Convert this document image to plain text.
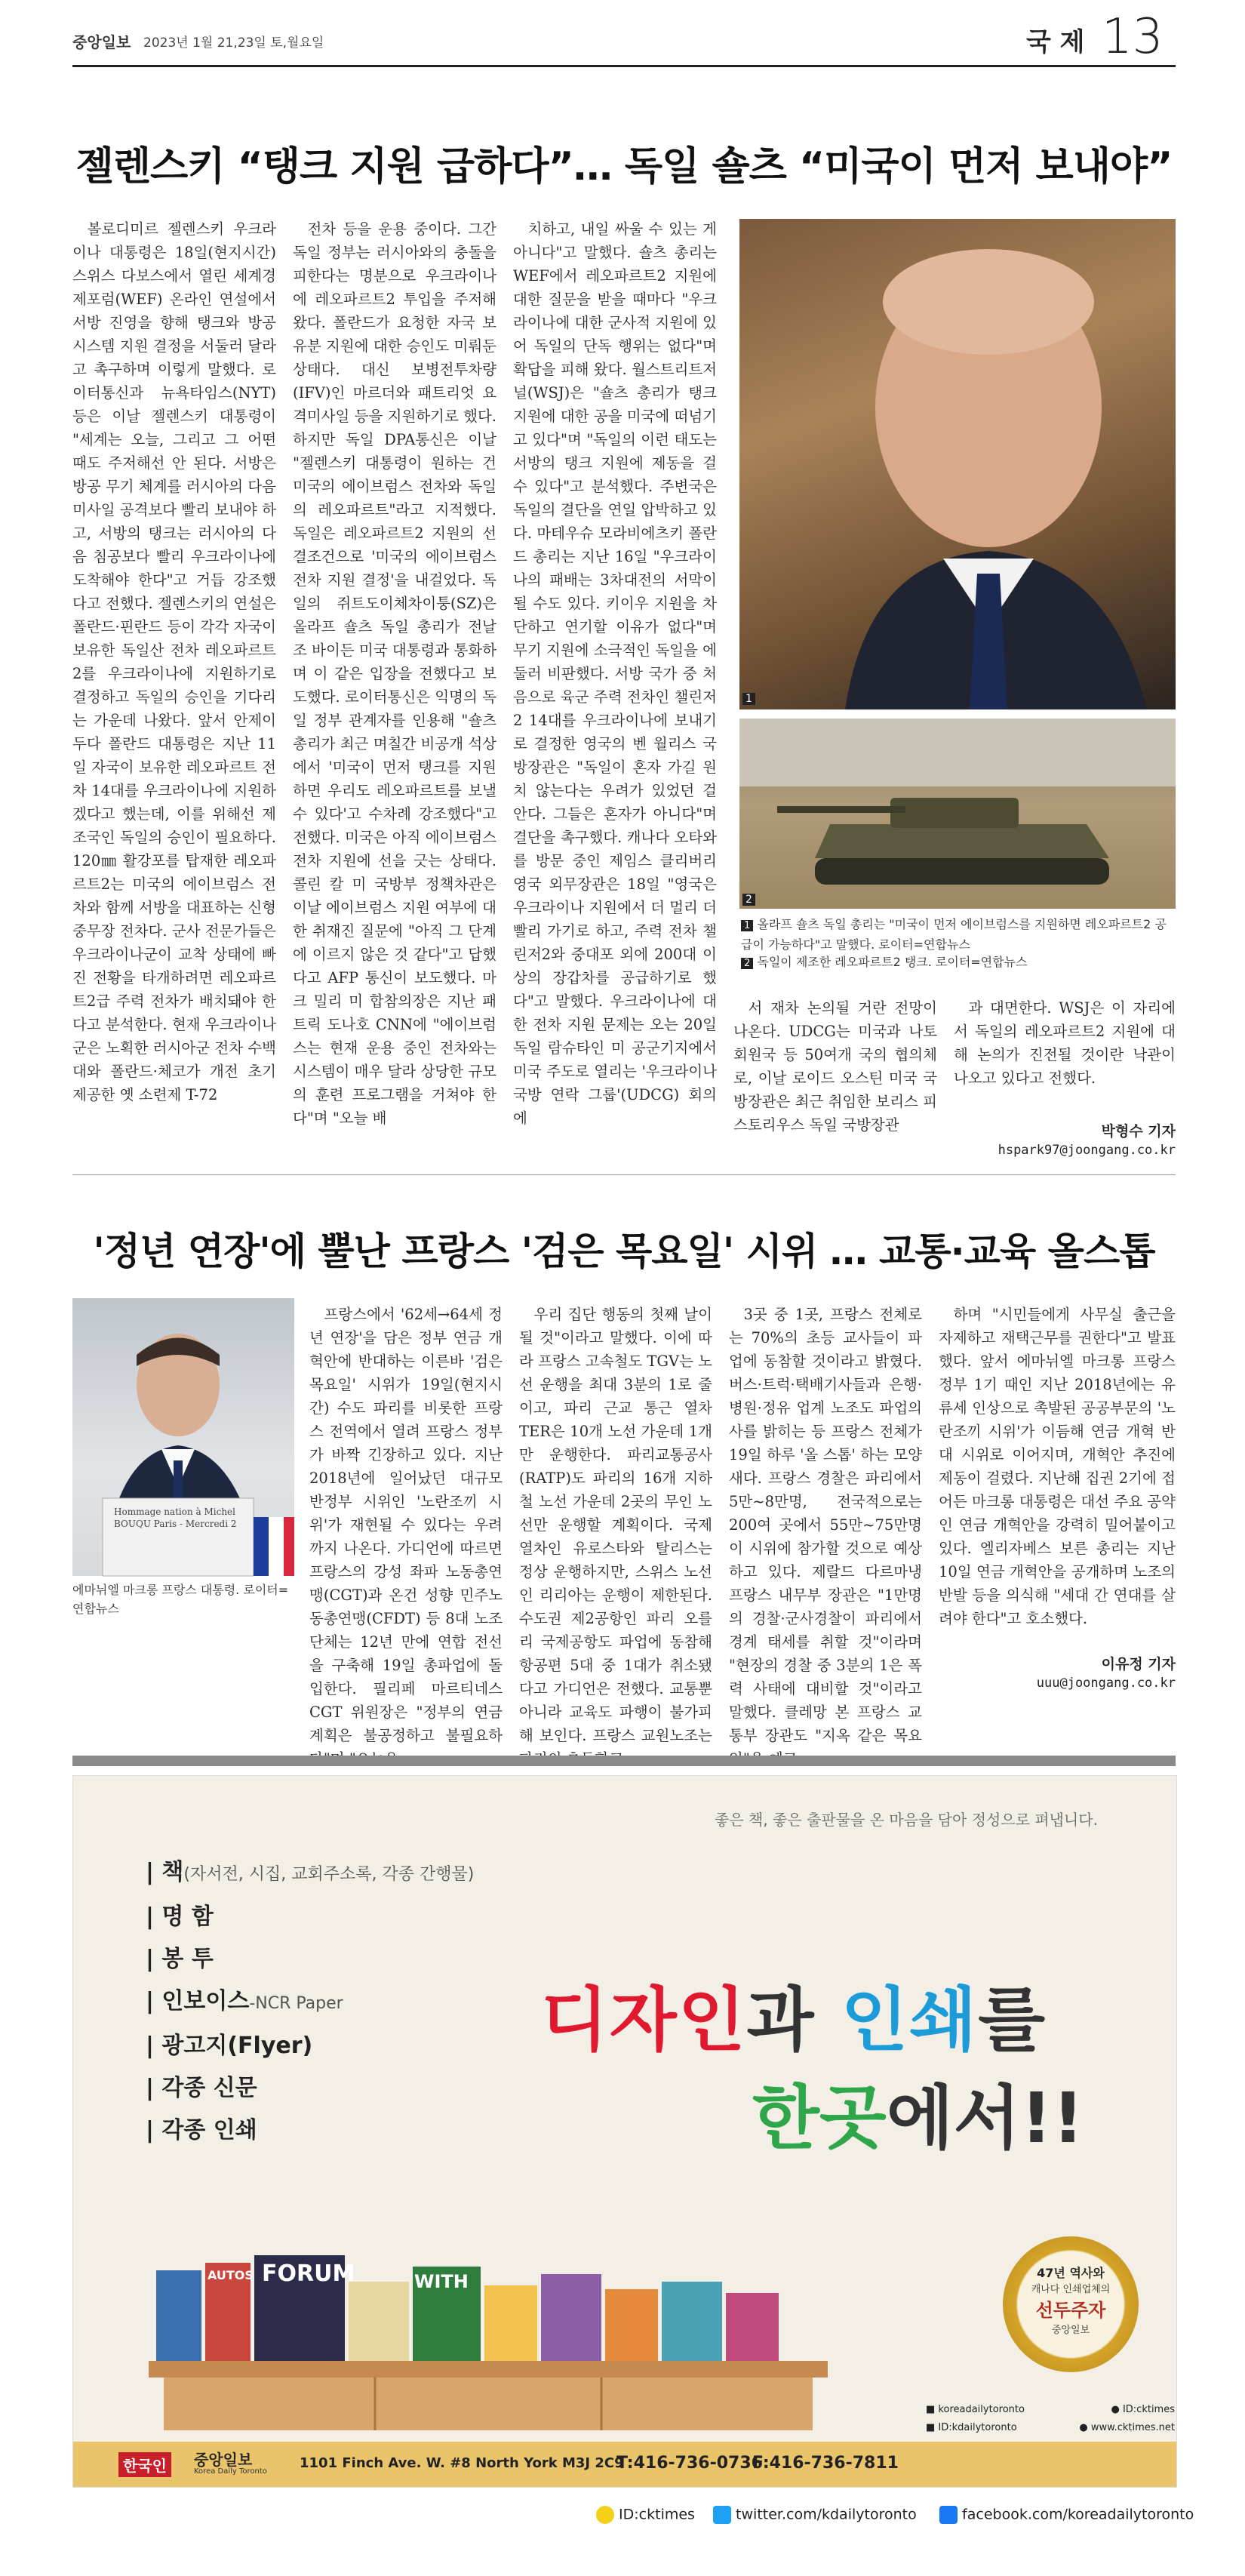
중앙일보 2023년 1월 21,23일 토,월요일	국 제 13
젤렌스키 “탱크 지원 급하다”… 독일 숄츠 “미국이 먼저 보내야”

볼로디미르 젤렌스키 우크라이나 대통령은 18일(현지시간) 스위스 다보스에서 열린 세계경제포럼(WEF) 온라인 연설에서 서방 진영을 향해 탱크와 방공 시스템 지원 결정을 서둘러 달라고 촉구하며 이렇게 말했다. 로이터통신과 뉴욕타임스(NYT) 등은 이날 젤렌스키 대통령이 "세계는 오늘, 그리고 그 어떤 때도 주저해선 안 된다. 서방은 방공 무기 체계를 러시아의 다음 미사일 공격보다 빨리 보내야 하고, 서방의 탱크는 러시아의 다음 침공보다 빨리 우크라이나에 도착해야 한다"고 거듭 강조했다고 전했다. 젤렌스키의 연설은 폴란드·핀란드 등이 각각 자국이 보유한 독일산 전차 레오파르트2를 우크라이나에 지원하기로 결정하고 독일의 승인을 기다리는 가운데 나왔다. 앞서 안제이 두다 폴란드 대통령은 지난 11일 자국이 보유한 레오파르트 전차 14대를 우크라이나에 지원하겠다고 했는데, 이를 위해선 제조국인 독일의 승인이 필요하다. 120㎜ 활강포를 탑재한 레오파르트2는 미국의 에이브럼스 전차와 함께 서방을 대표하는 신형 중무장 전차다. 군사 전문가들은 우크라이나군이 교착 상태에 빠진 전황을 타개하려면 레오파르트2급 주력 전차가 배치돼야 한다고 분석한다. 현재 우크라이나군은 노획한 러시아군 전차 수백 대와 폴란드·체코가 개전 초기 제공한 옛 소련제 T-72

전차 등을 운용 중이다. 그간 독일 정부는 러시아와의 충돌을 피한다는 명분으로 우크라이나에 레오파르트2 투입을 주저해 왔다. 폴란드가 요청한 자국 보유분 지원에 대한 승인도 미뤄둔 상태다. 대신 보병전투차량(IFV)인 마르더와 패트리엇 요격미사일 등을 지원하기로 했다. 하지만 독일 DPA통신은 이날 "젤렌스키 대통령이 원하는 건 미국의 에이브럼스 전차와 독일의 레오파르트"라고 지적했다. 독일은 레오파르트2 지원의 선결조건으로 '미국의 에이브럼스 전차 지원 결정'을 내걸었다. 독일의 쥐트도이체차이퉁(SZ)은 올라프 숄츠 독일 총리가 전날 조 바이든 미국 대통령과 통화하며 이 같은 입장을 전했다고 보도했다. 로이터통신은 익명의 독일 정부 관계자를 인용해 "숄츠 총리가 최근 며칠간 비공개 석상에서 '미국이 먼저 탱크를 지원하면 우리도 레오파르트를 보낼 수 있다'고 수차례 강조했다"고 전했다. 미국은 아직 에이브럼스 전차 지원에 선을 긋는 상태다. 콜린 칼 미 국방부 정책차관은 이날 에이브럼스 지원 여부에 대한 취재진 질문에 "아직 그 단계에 이르지 않은 것 같다"고 답했다고 AFP 통신이 보도했다. 마크 밀리 미 합참의장은 지난 패트릭 도나호 CNN에 "에이브럼스는 현재 운용 중인 전차와는 시스템이 매우 달라 상당한 규모의 훈련 프로그램을 거쳐야 한다"며 "오늘 배

치하고, 내일 싸울 수 있는 게 아니다"고 말했다. 숄츠 총리는 WEF에서 레오파르트2 지원에 대한 질문을 받을 때마다 "우크라이나에 대한 군사적 지원에 있어 독일의 단독 행위는 없다"며 확답을 피해 왔다. 월스트리트저널(WSJ)은 "숄츠 총리가 탱크 지원에 대한 공을 미국에 떠넘기고 있다"며 "독일의 이런 태도는 서방의 탱크 지원에 제동을 걸 수 있다"고 분석했다. 주변국은 독일의 결단을 연일 압박하고 있다. 마테우슈 모라비에츠키 폴란드 총리는 지난 16일 "우크라이나의 패배는 3차대전의 서막이 될 수도 있다. 키이우 지원을 차단하고 연기할 이유가 없다"며 무기 지원에 소극적인 독일을 에둘러 비판했다. 서방 국가 중 처음으로 육군 주력 전차인 챌린저2 14대를 우크라이나에 보내기로 결정한 영국의 벤 월리스 국방장관은 "독일이 혼자 가길 원치 않는다는 우려가 있었던 걸 안다. 그들은 혼자가 아니다"며 결단을 촉구했다. 캐나다 오타와를 방문 중인 제임스 클리버리 영국 외무장관은 18일 "영국은 우크라이나 지원에서 더 멀리 더 빨리 가기로 하고, 주력 전차 챌린저2와 중대포 외에 200대 이상의 장갑차를 공급하기로 했다"고 말했다. 우크라이나에 대한 전차 지원 문제는 오는 20일 독일 람슈타인 미 공군기지에서 미국 주도로 열리는 '우크라이나 국방 연락 그룹'(UDCG) 회의에

서 재차 논의될 거란 전망이 나온다. UDCG는 미국과 나토 회원국 등 50여개 국의 협의체로, 이날 로이드 오스틴 미국 국방장관은 최근 취임한 보리스 피스토리우스 독일 국방장관

과 대면한다. WSJ은 이 자리에서 독일의 레오파르트2 지원에 대해 논의가 진전될 것이란 낙관이 나오고 있다고 전했다.

박형수 기자
hspark97@joongang.co.kr
1
2
1 올라프 숄츠 독일 총리는 "미국이 먼저 에이브럼스를 지원하면 레오파르트2 공급이 가능하다"고 말했다. 로이터=연합뉴스
2 독일이 제조한 레오파르트2 탱크. 로이터=연합뉴스
'정년 연장'에 뿔난 프랑스 '검은 목요일' 시위 … 교통·교육 올스톱
Hommage nation à Michel BOUQU Paris - Mercredi 2
에마뉘엘 마크롱 프랑스 대통령. 로이터=연합뉴스

프랑스에서 '62세→64세 정년 연장'을 담은 정부 연금 개혁안에 반대하는 이른바 '검은 목요일' 시위가 19일(현지시간) 수도 파리를 비롯한 프랑스 전역에서 열려 프랑스 정부가 바짝 긴장하고 있다. 지난 2018년에 일어났던 대규모 반정부 시위인 '노란조끼 시위'가 재현될 수 있다는 우려까지 나온다. 가디언에 따르면 프랑스의 강성 좌파 노동총연맹(CGT)과 온건 성향 민주노동총연맹(CFDT) 등 8대 노조 단체는 12년 만에 연합 전선을 구축해 19일 총파업에 돌입한다. 필리페 마르티네스 CGT 위원장은 "정부의 연금 계획은 불공정하고 불필요하

우리 집단 행동의 첫째 날이 될 것"이라고 말했다. 이에 따라 프랑스 고속철도 TGV는 노선 운행을 최대 3분의 1로 줄이고, 파리 근교 통근 열차 TER은 10개 노선 가운데 1개만 운행한다. 파리교통공사(RATP)도 파리의 16개 지하철 노선 가운데 2곳의 무인 노선만 운행할 계획이다. 국제 열차인 유로스타와 탈리스는 정상 운행하지만, 스위스 노선인 리리아는 운행이 제한된다. 수도권 제2공항인 파리 오를리 국제공항도 파업에 동참해 항공편 5대 중 1대가 취소됐다고 가디언은 전했다. 교통뿐 아니라 교육도 파행이 불가피해 보인다. 프랑스 교원노조는

3곳 중 1곳, 프랑스 전체로는 70%의 초등 교사들이 파업에 동참할 것이라고 밝혔다. 버스·트럭·택배기사들과 은행·병원·정유 업계 노조도 파업의 사를 밝히는 등 프랑스 전체가 19일 하루 '올 스톱' 하는 모양새다. 프랑스 경찰은 파리에서 5만~8만명, 전국적으로는 200여 곳에서 55만~75만명이 시위에 참가할 것으로 예상하고 있다. 제랄드 다르마냉 프랑스 내무부 장관은 "1만명의 경찰·군사경찰이 파리에서 경계 태세를 취할 것"이라며 "현장의 경찰 중 3분의 1은 폭력 사태에 대비할 것"이라고 말했다. 클레망 본 프랑스 교통부 장관도 "지옥 같은 목요

하며 "시민들에게 사무실 출근을 자제하고 재택근무를 권한다"고 발표했다. 앞서 에마뉘엘 마크롱 프랑스 정부 1기 때인 지난 2018년에는 유류세 인상으로 촉발된 공공부문의 '노란조끼 시위'가 이듬해 연금 개혁 반대 시위로 이어지며, 개혁안 추진에 제동이 걸렸다. 지난해 집권 2기에 접어든 마크롱 대통령은 대선 주요 공약인 연금 개혁안을 강력히 밀어붙이고 있다. 엘리자베스 보른 총리는 지난 10일 연금 개혁안을 공개하며 노조의 반발 등을 의식해 "세대 간 연대를 살려야 한다"고 호소했다.

이유정 기자
uuu@joongang.co.kr
좋은 책, 좋은 출판물을 온 마음을 담아 정성으로 펴냅니다.
| 책(자서전, 시집, 교회주소록, 각종 간행물)
| 명 함
| 봉 투
| 인보이스-NCR Paper
| 광고지(Flyer)
| 각종 신문
| 각종 인쇄
디자인과 인쇄를
한곳에서!!
AUTOS FORUM	WITH	47년 역사와
캐나다 인쇄업체의
선두주자
중앙일보
한국인	중앙일보
Korea Daily Toronto
1101 Finch Ave. W. #8 North York M3J 2C9
T:416-736-0736
F:416-736-7811
■ koreadailytoronto	● ID:cktimes
■ ID:kdailytoronto	● www.cktimes.net
ID:cktimes	twitter.com/kdailytoronto	facebook.com/koreadailytoronto
